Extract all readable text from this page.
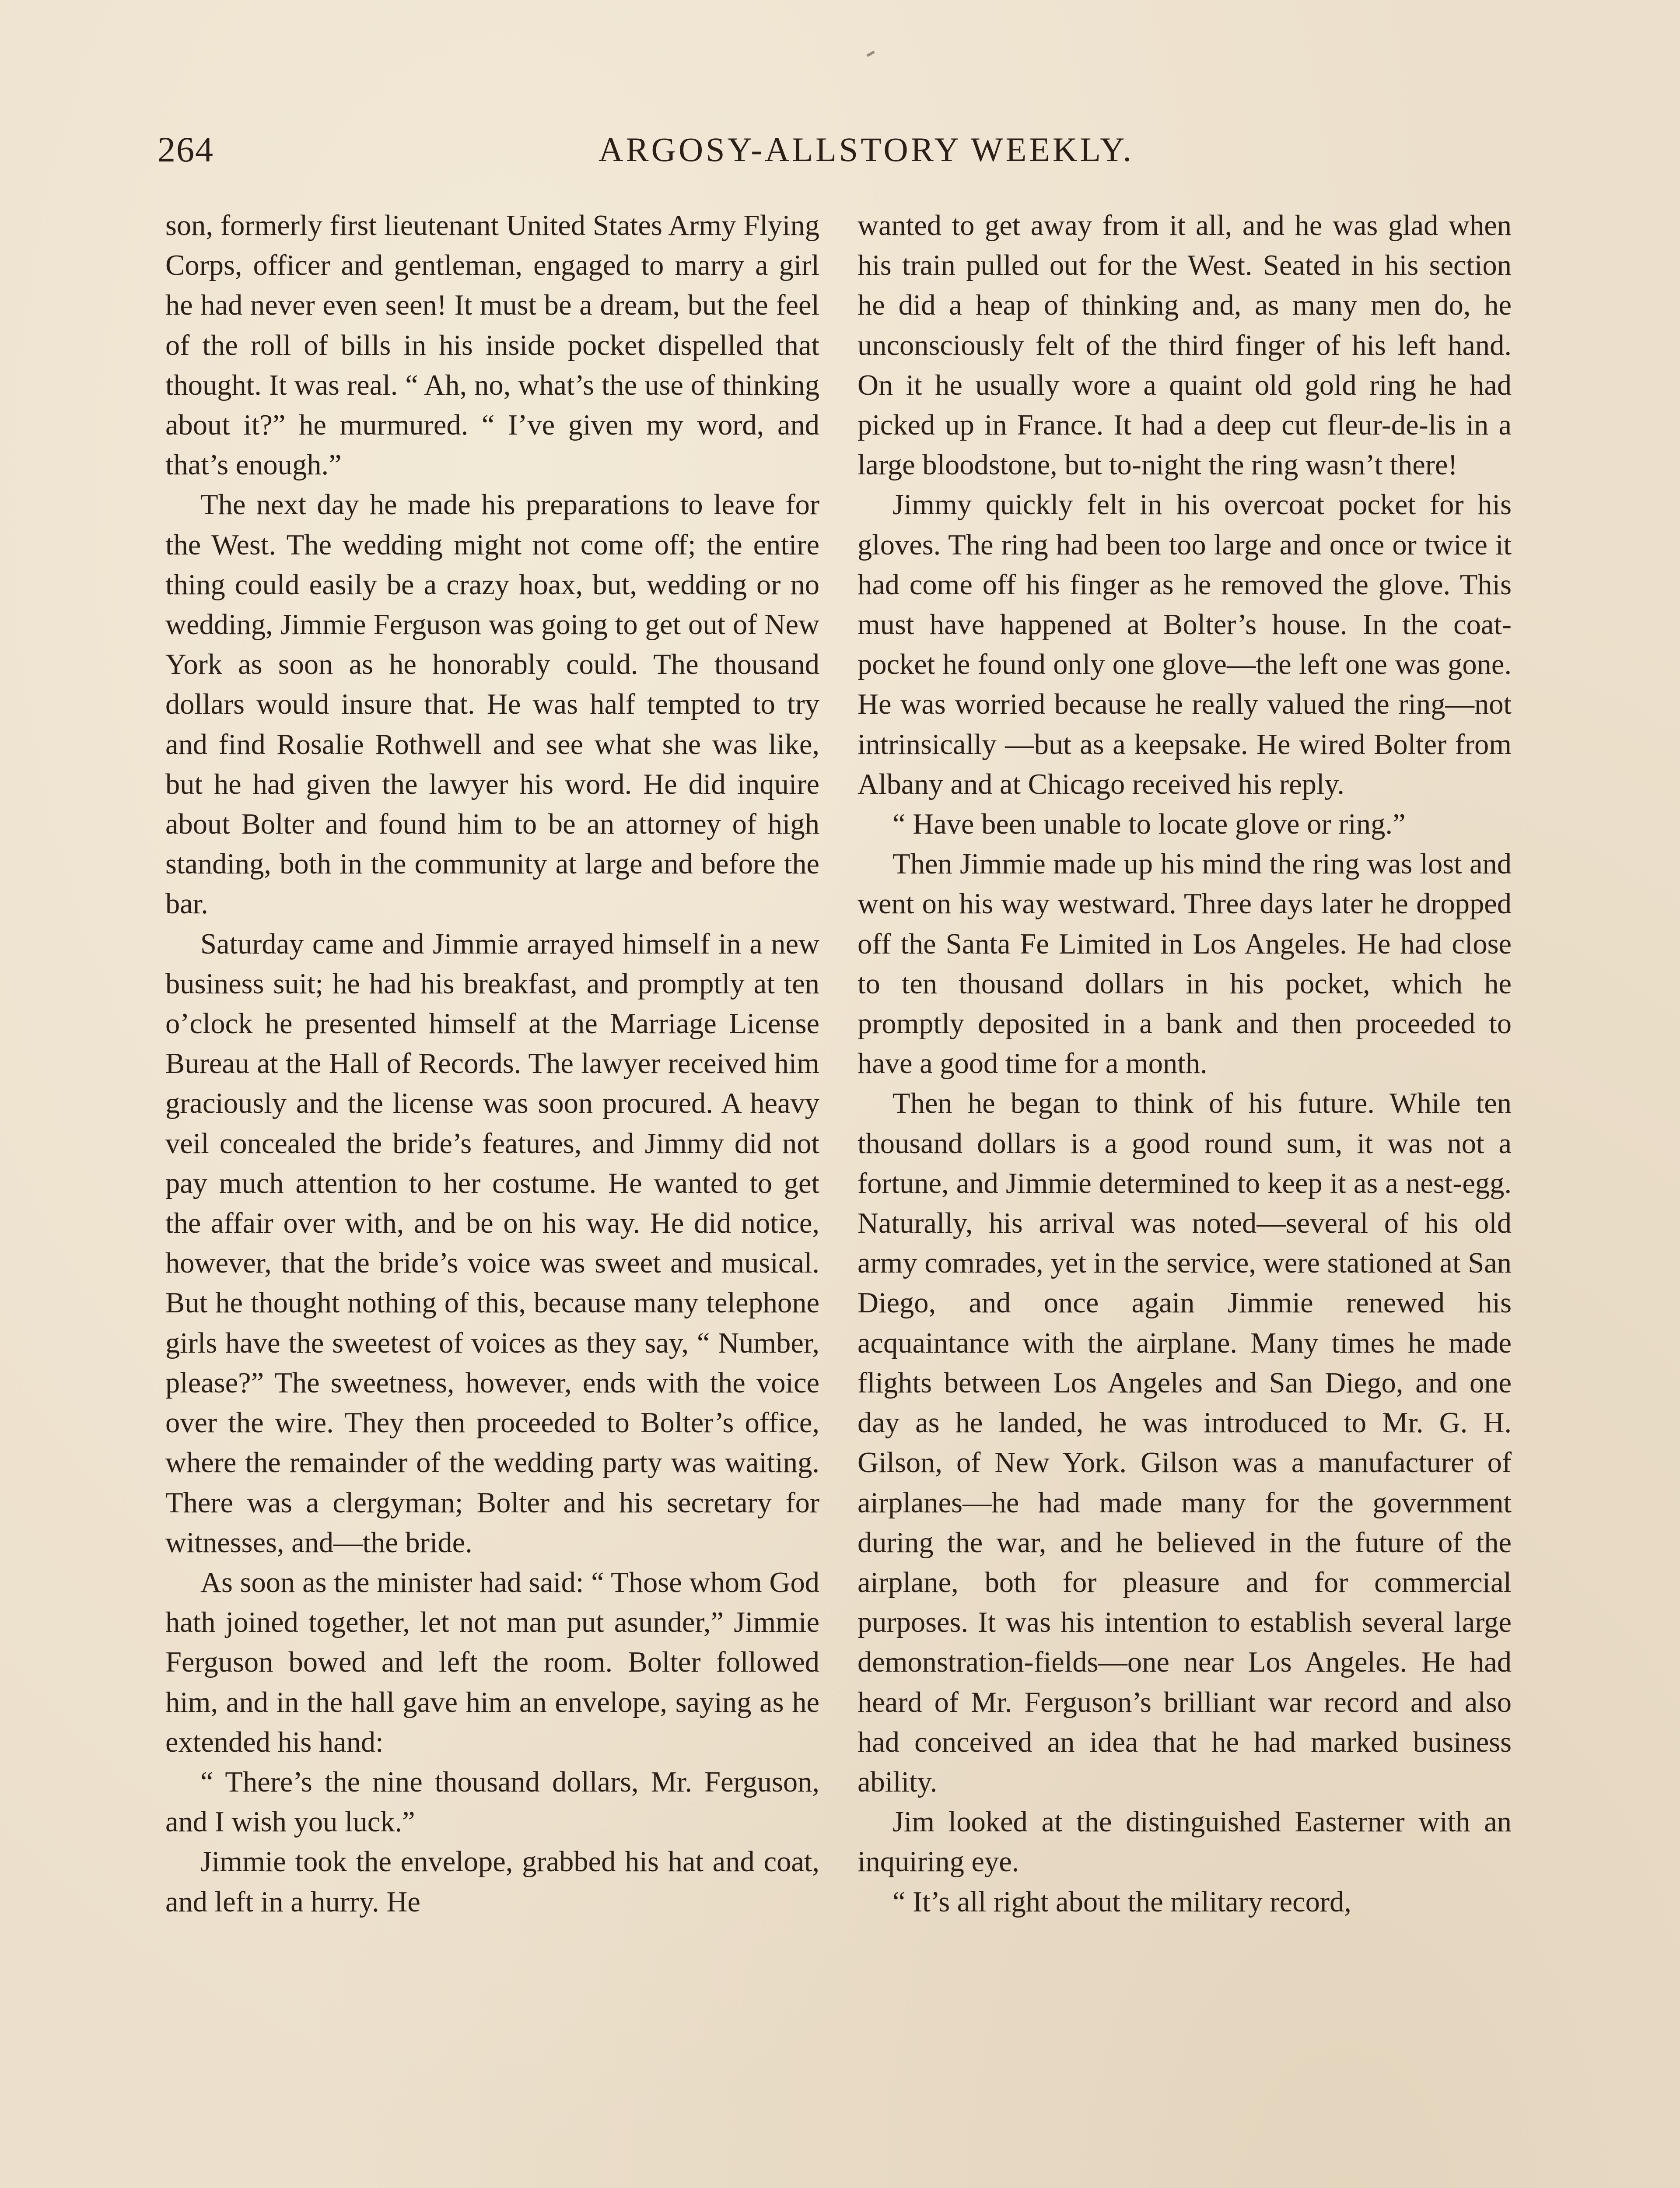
264	ARGOSY-ALLSTORY WEEKLY.

son, formerly first lieutenant United States Army Flying Corps, officer and gentleman, engaged to marry a girl he had never even seen! It must be a dream, but the feel of the roll of bills in his inside pocket dispelled that thought. It was real. “ Ah, no, what’s the use of thinking about it?” he murmured. “ I’ve given my word, and that’s enough.”

The next day he made his preparations to leave for the West. The wedding might not come off; the entire thing could easily be a crazy hoax, but, wedding or no wedding, Jimmie Ferguson was going to get out of New York as soon as he honorably could. The thousand dollars would insure that. He was half tempted to try and find Rosalie Rothwell and see what she was like, but he had given the lawyer his word. He did inquire about Bolter and found him to be an attorney of high standing, both in the community at large and before the bar.

Saturday came and Jimmie arrayed himself in a new business suit; he had his breakfast, and promptly at ten o’clock he presented himself at the Marriage License Bureau at the Hall of Records. The lawyer received him graciously and the license was soon procured. A heavy veil concealed the bride’s features, and Jimmy did not pay much attention to her costume. He wanted to get the affair over with, and be on his way. He did notice, however, that the bride’s voice was sweet and musical. But he thought nothing of this, because many telephone girls have the sweetest of voices as they say, “ Number, please?” The sweetness, however, ends with the voice over the wire. They then proceeded to Bolter’s office, where the remainder of the wedding party was waiting. There was a clergyman; Bolter and his secretary for witnesses, and—the bride.

As soon as the minister had said: “ Those whom God hath joined together, let not man put asunder,” Jimmie Ferguson bowed and left the room. Bolter followed him, and in the hall gave him an envelope, saying as he extended his hand:

“ There’s the nine thousand dollars, Mr. Ferguson, and I wish you luck.”

Jimmie took the envelope, grabbed his hat and coat, and left in a hurry. He

wanted to get away from it all, and he was glad when his train pulled out for the West. Seated in his section he did a heap of thinking and, as many men do, he unconsciously felt of the third finger of his left hand. On it he usually wore a quaint old gold ring he had picked up in France. It had a deep cut fleur-de-lis in a large bloodstone, but to-night the ring wasn’t there!

Jimmy quickly felt in his overcoat pocket for his gloves. The ring had been too large and once or twice it had come off his finger as he removed the glove. This must have happened at Bolter’s house. In the coat-pocket he found only one glove—the left one was gone. He was worried because he really valued the ring—not intrinsically —but as a keepsake. He wired Bolter from Albany and at Chicago received his reply.

“ Have been unable to locate glove or ring.”

Then Jimmie made up his mind the ring was lost and went on his way westward. Three days later he dropped off the Santa Fe Limited in Los Angeles. He had close to ten thousand dollars in his pocket, which he promptly deposited in a bank and then proceeded to have a good time for a month.

Then he began to think of his future. While ten thousand dollars is a good round sum, it was not a fortune, and Jimmie determined to keep it as a nest-egg. Naturally, his arrival was noted—several of his old army comrades, yet in the service, were stationed at San Diego, and once again Jimmie renewed his acquaintance with the airplane. Many times he made flights between Los Angeles and San Diego, and one day as he landed, he was introduced to Mr. G. H. Gilson, of New York. Gilson was a manufacturer of airplanes—he had made many for the government during the war, and he believed in the future of the airplane, both for pleasure and for commercial purposes. It was his intention to establish several large demonstration-fields—one near Los Angeles. He had heard of Mr. Ferguson’s brilliant war record and also had conceived an idea that he had marked business ability.

Jim looked at the distinguished Easterner with an inquiring eye.

“ It’s all right about the military record,
